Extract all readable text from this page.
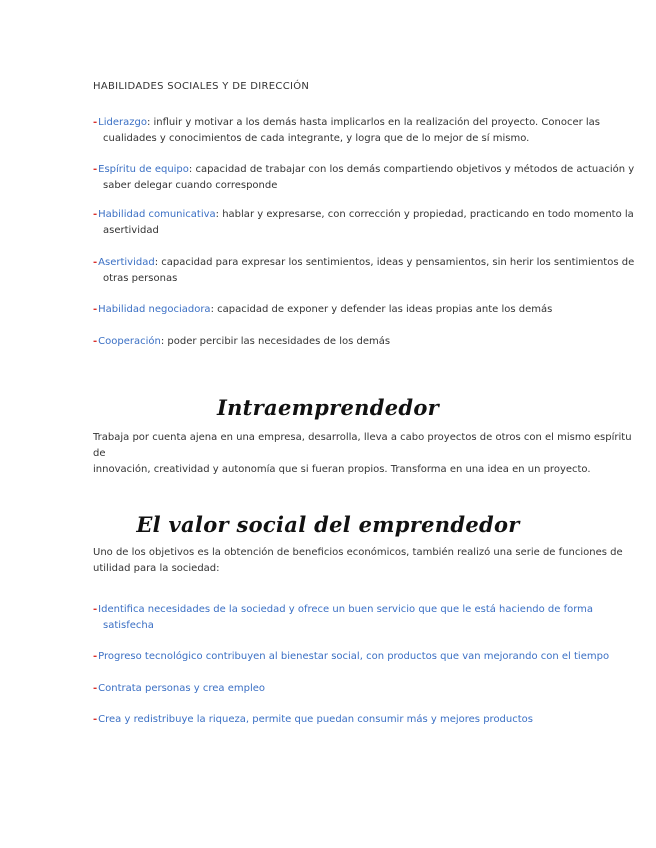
HABILIDADES SOCIALES Y DE DIRECCIÓN
-Liderazgo: influir y motivar a los demás hasta implicarlos en la realización del proyecto. Conocer las
cualidades y conocimientos de cada integrante, y logra que de lo mejor de sí mismo.
-Espíritu de equipo: capacidad de trabajar con los demás compartiendo objetivos y métodos de actuación y
saber delegar cuando corresponde
-Habilidad comunicativa: hablar y expresarse, con corrección y propiedad, practicando en todo momento la
asertividad
-Asertividad: capacidad para expresar los sentimientos, ideas y pensamientos, sin herir los sentimientos de
otras personas
-Habilidad negociadora: capacidad de exponer y defender las ideas propias ante los demás
-Cooperación: poder percibir las necesidades de los demás
Intraemprendedor
Trabaja por cuenta ajena en una empresa, desarrolla, lleva a cabo proyectos de otros con el mismo espíritu de
innovación, creatividad y autonomía que si fueran propios. Transforma en una idea en un proyecto.
El valor social del emprendedor
Uno de los objetivos es la obtención de beneficios económicos, también realizó una serie de funciones de
utilidad para la sociedad:
-Identifica necesidades de la sociedad y ofrece un buen servicio que que le está haciendo de forma
satisfecha
-Progreso tecnológico contribuyen al bienestar social, con productos que van mejorando con el tiempo
-Contrata personas y crea empleo
-Crea y redistribuye la riqueza, permite que puedan consumir más y mejores productos
